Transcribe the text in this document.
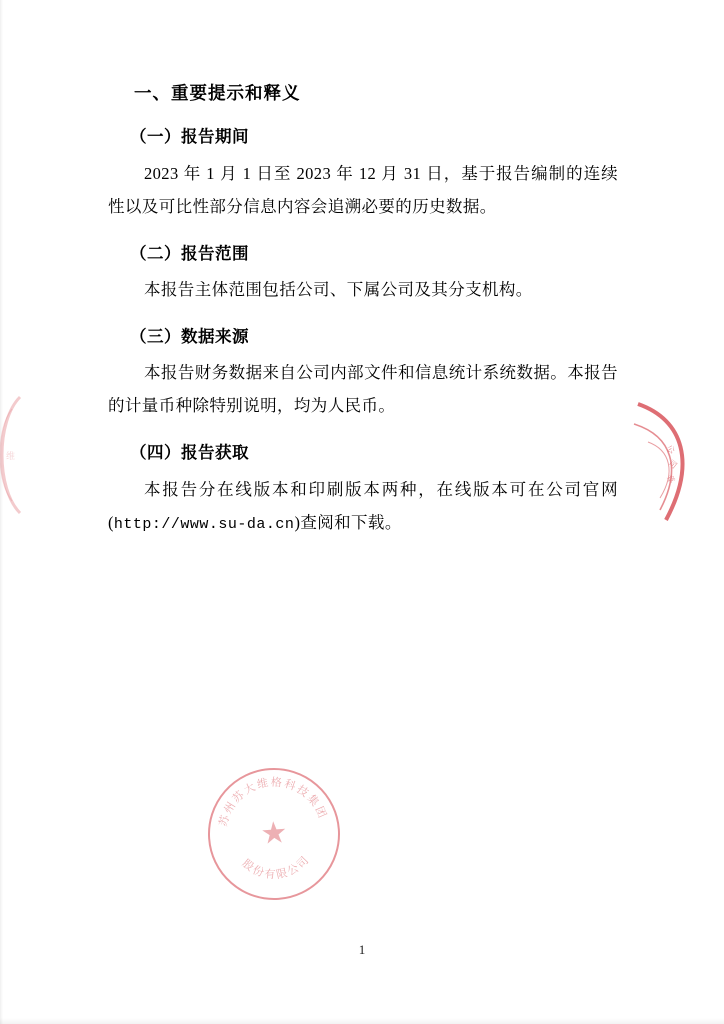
维
公
司
章
一、重要提示和释义
（一）报告期间

2023 年 1 月 1 日至 2023 年 12 月 31 日，基于报告编制的连续性以及可比性部分信息内容会追溯必要的历史数据。

（二）报告范围

本报告主体范围包括公司、下属公司及其分支机构。

（三）数据来源

本报告财务数据来自公司内部文件和信息统计系统数据。本报告的计量币种除特别说明，均为人民币。

（四）报告获取

本报告分在线版本和印刷版本两种，在线版本可在公司官网(http://www.su-da.cn)查阅和下载。

苏州苏大维格科技集团
股份有限公司
★
1
